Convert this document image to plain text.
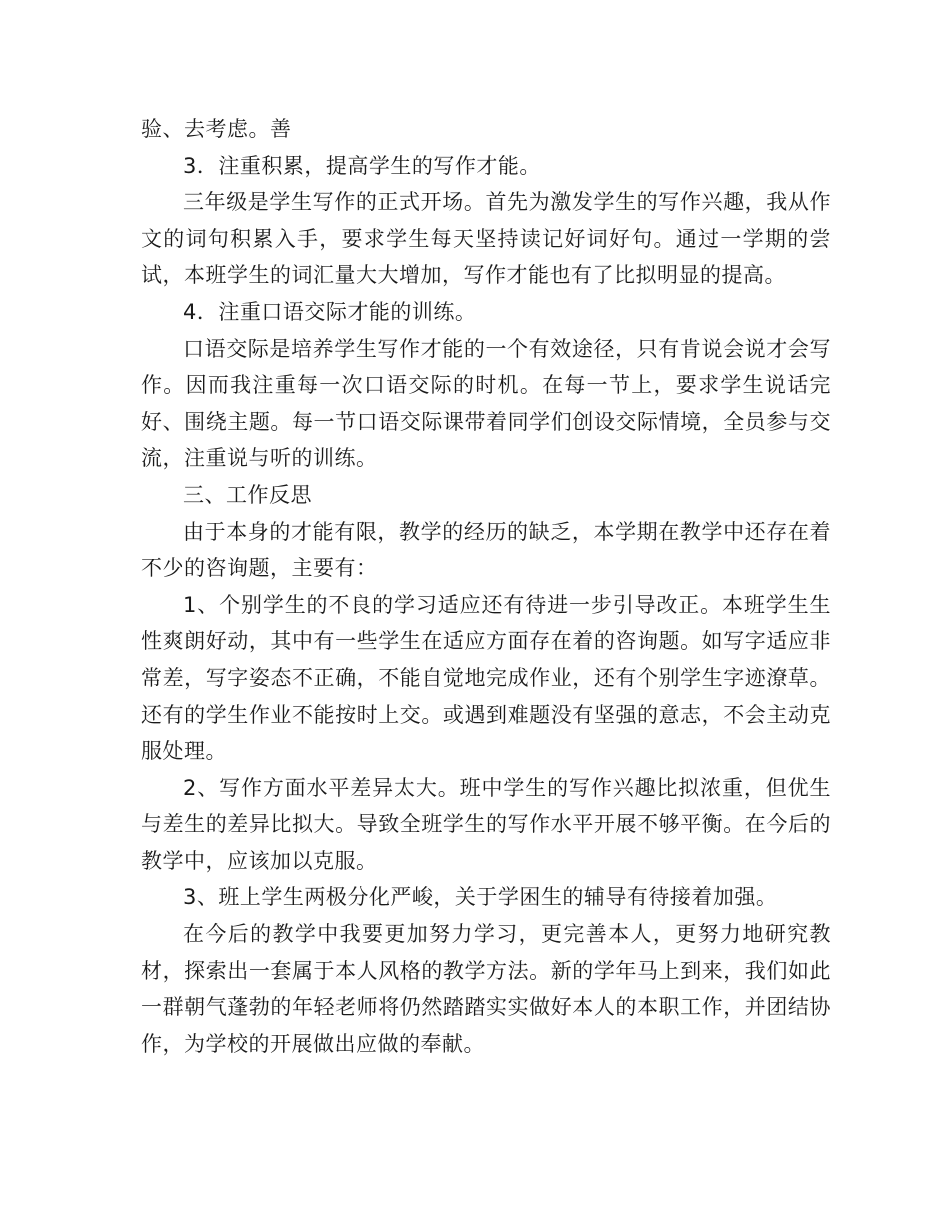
验、去考虑。善

3．注重积累，提高学生的写作才能。

三年级是学生写作的正式开场。首先为激发学生的写作兴趣，我从作文的词句积累入手，要求学生每天坚持读记好词好句。通过一学期的尝试，本班学生的词汇量大大增加，写作才能也有了比拟明显的提高。

4．注重口语交际才能的训练。

口语交际是培养学生写作才能的一个有效途径，只有肯说会说才会写作。因而我注重每一次口语交际的时机。在每一节上，要求学生说话完好、围绕主题。每一节口语交际课带着同学们创设交际情境，全员参与交流，注重说与听的训练。

三、工作反思

由于本身的才能有限，教学的经历的缺乏，本学期在教学中还存在着不少的咨询题，主要有：

1、个别学生的不良的学习适应还有待进一步引导改正。本班学生生性爽朗好动，其中有一些学生在适应方面存在着的咨询题。如写字适应非常差，写字姿态不正确，不能自觉地完成作业，还有个别学生字迹潦草。还有的学生作业不能按时上交。或遇到难题没有坚强的意志，不会主动克服处理。

2、写作方面水平差异太大。班中学生的写作兴趣比拟浓重，但优生与差生的差异比拟大。导致全班学生的写作水平开展不够平衡。在今后的教学中，应该加以克服。

3、班上学生两极分化严峻，关于学困生的辅导有待接着加强。

在今后的教学中我要更加努力学习，更完善本人，更努力地研究教材，探索出一套属于本人风格的教学方法。新的学年马上到来，我们如此一群朝气蓬勃的年轻老师将仍然踏踏实实做好本人的本职工作，并团结协作，为学校的开展做出应做的奉献。
